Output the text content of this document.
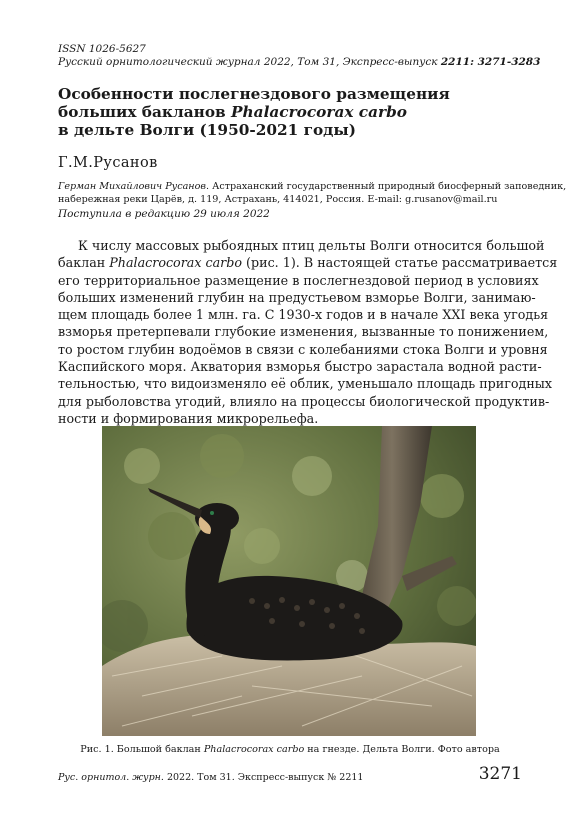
ISSN 1026-5627
Русский орнитологический журнал 2022, Том 31, Экспресс-выпуск 2211: 3271-3283
Особенности послегнездового размещения
больших бакланов Phalacrocorax carbo
в дельте Волги (1950-2021 годы)
Г.М.Русанов
Герман Михайлович Русанов. Астраханский государственный природный биосферный заповедник,
набережная реки Царёв, д. 119, Астрахань, 414021, Россия. E-mail: g.rusanov@mail.ru
Поступила в редакцию 29 июля 2022
К числу массовых рыбоядных птиц дельты Волги относится большой
баклан Phalacrocorax carbo (рис. 1). В настоящей статье рассматривается
его территориальное размещение в послегнездовой период в условиях
больших изменений глубин на предустьевом взморье Волги, занимаю-
щем площадь более 1 млн. га. С 1930-х годов и в начале XXI века угодья
взморья претерпевали глубокие изменения, вызванные то понижением,
то ростом глубин водоёмов в связи с колебаниями стока Волги и уровня
Каспийского моря. Акватория взморья быстро зарастала водной расти-
тельностью, что видоизменяло её облик, уменьшало площадь пригодных
для рыболовства угодий, влияло на процессы биологической продуктив-
ности и формирования микрорельефа.
Рис. 1. Большой баклан Phalacrocorax carbo на гнезде. Дельта Волги. Фото автора
Рус. орнитол. журн. 2022. Том 31. Экспресс-выпуск № 2211	3271
